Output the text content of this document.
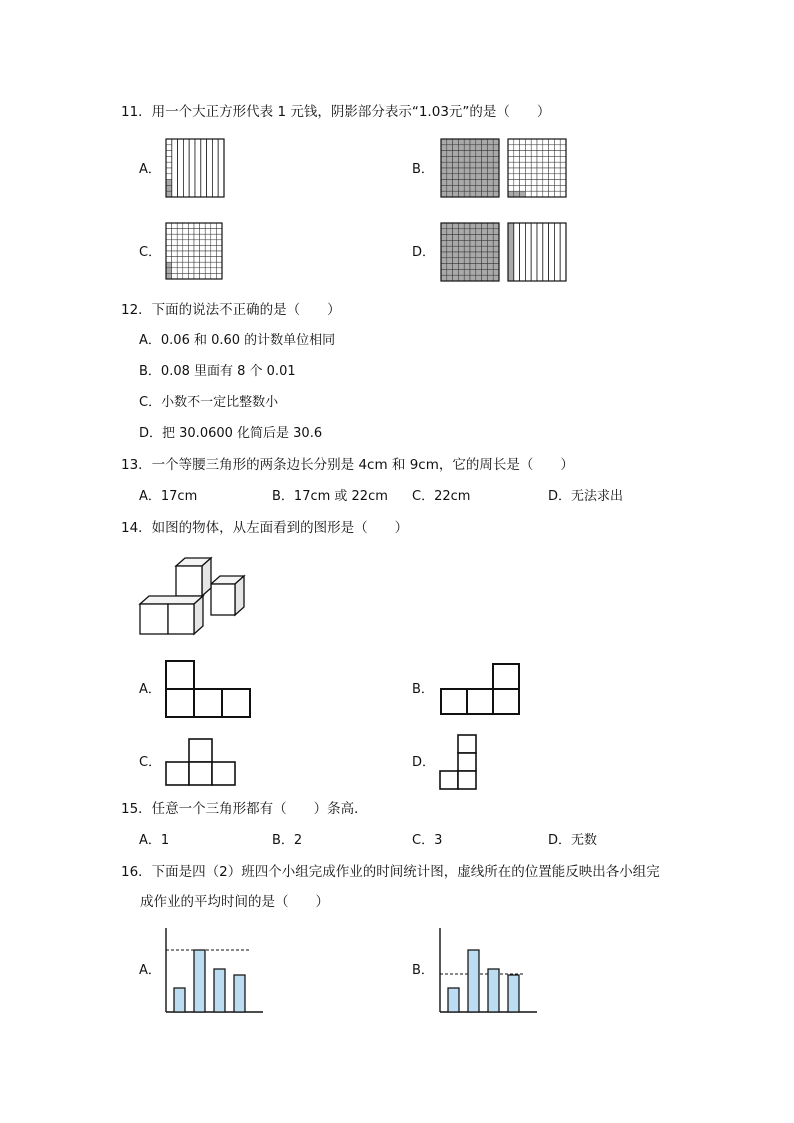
11．用一个大正方形代表 1 元钱，阴影部分表示“1.03元”的是（　　）
A．	B．
C．	D．
12．下面的说法不正确的是（　　）
A．0.06 和 0.60 的计数单位相同
B．0.08 里面有 8 个 0.01
C．小数不一定比整数小
D．把 30.0600 化简后是 30.6
13．一个等腰三角形的两条边长分别是 4cm 和 9cm，它的周长是（　　）
A．17cm	B．17cm 或 22cm C．22cm	D．无法求出
14．如图的物体，从左面看到的图形是（　　）
A．	B．
C．	D．
15．任意一个三角形都有（　　）条高．
A．1	B．2	C．3	D．无数
16．下面是四（2）班四个小组完成作业的时间统计图，虚线所在的位置能反映出各小组完
成作业的平均时间的是（　　）
A．	B．
